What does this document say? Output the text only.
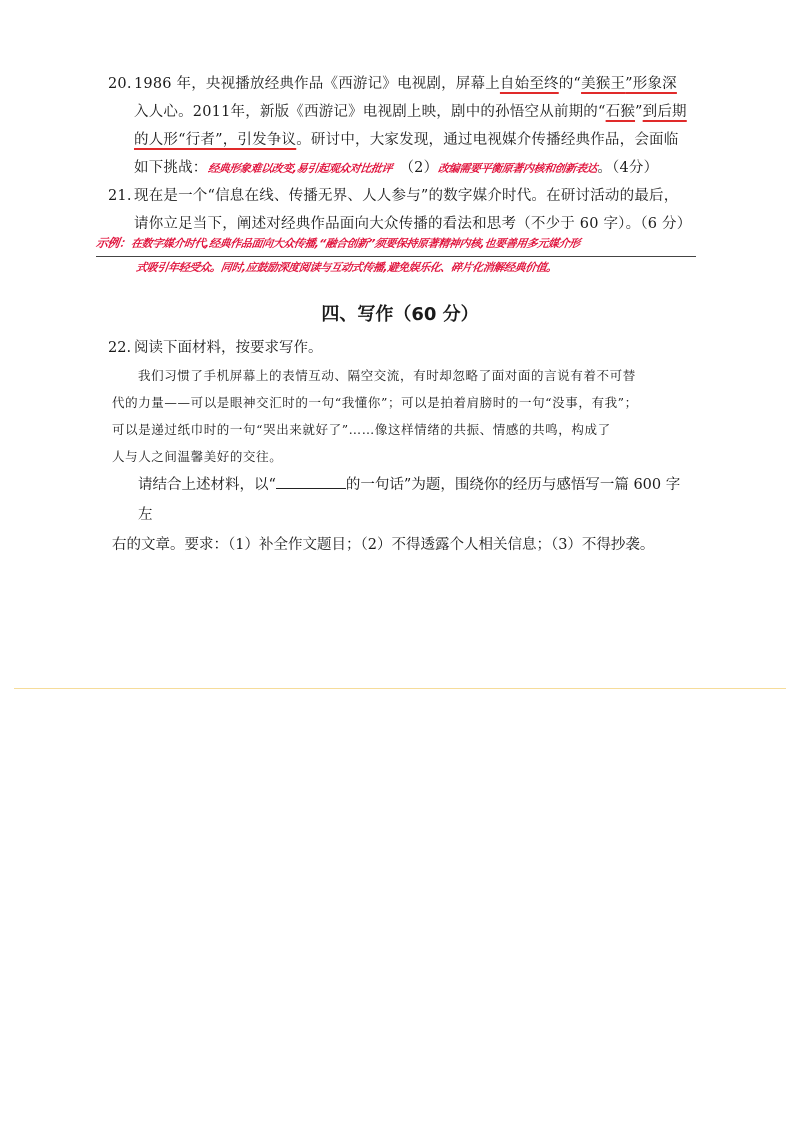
20. 1986 年，央视播放经典作品《西游记》电视剧，屏幕上自始至终的“美猴王”形象深
入人心。2011年，新版《西游记》电视剧上映，剧中的孙悟空从前期的“石猴”到后期
的人形“行者”，引发争议。研讨中，大家发现，通过电视媒介传播经典作品，会面临
如下挑战：经典形象难以改变,易引起观众对比批评 （2）改编需要平衡原著内核和创新表达。（4分）
21. 现在是一个“信息在线、传播无界、人人参与”的数字媒介时代。在研讨活动的最后，
请你立足当下，阐述对经典作品面向大众传播的看法和思考（不少于 60 字）。（6 分）
示例：在数字媒介时代,经典作品面向大众传播,“融合创新”须要保持原著精神内核,也要善用多元媒介形
式吸引年轻受众。同时,应鼓励深度阅读与互动式传播,避免娱乐化、碎片化消解经典价值。
四、写作（60 分）
22. 阅读下面材料，按要求写作。

我们习惯了手机屏幕上的表情互动、隔空交流，有时却忽略了面对面的言说有着不可替

代的力量——可以是眼神交汇时的一句“我懂你”；可以是拍着肩膀时的一句“没事，有我”；

可以是递过纸巾时的一句“哭出来就好了”……像这样情绪的共振、情感的共鸣，构成了

人与人之间温馨美好的交往。

请结合上述材料，以“	的一句话”为题，围绕你的经历与感悟写一篇 600 字左

右的文章。要求：（1）补全作文题目；（2）不得透露个人相关信息；（3）不得抄袭。
